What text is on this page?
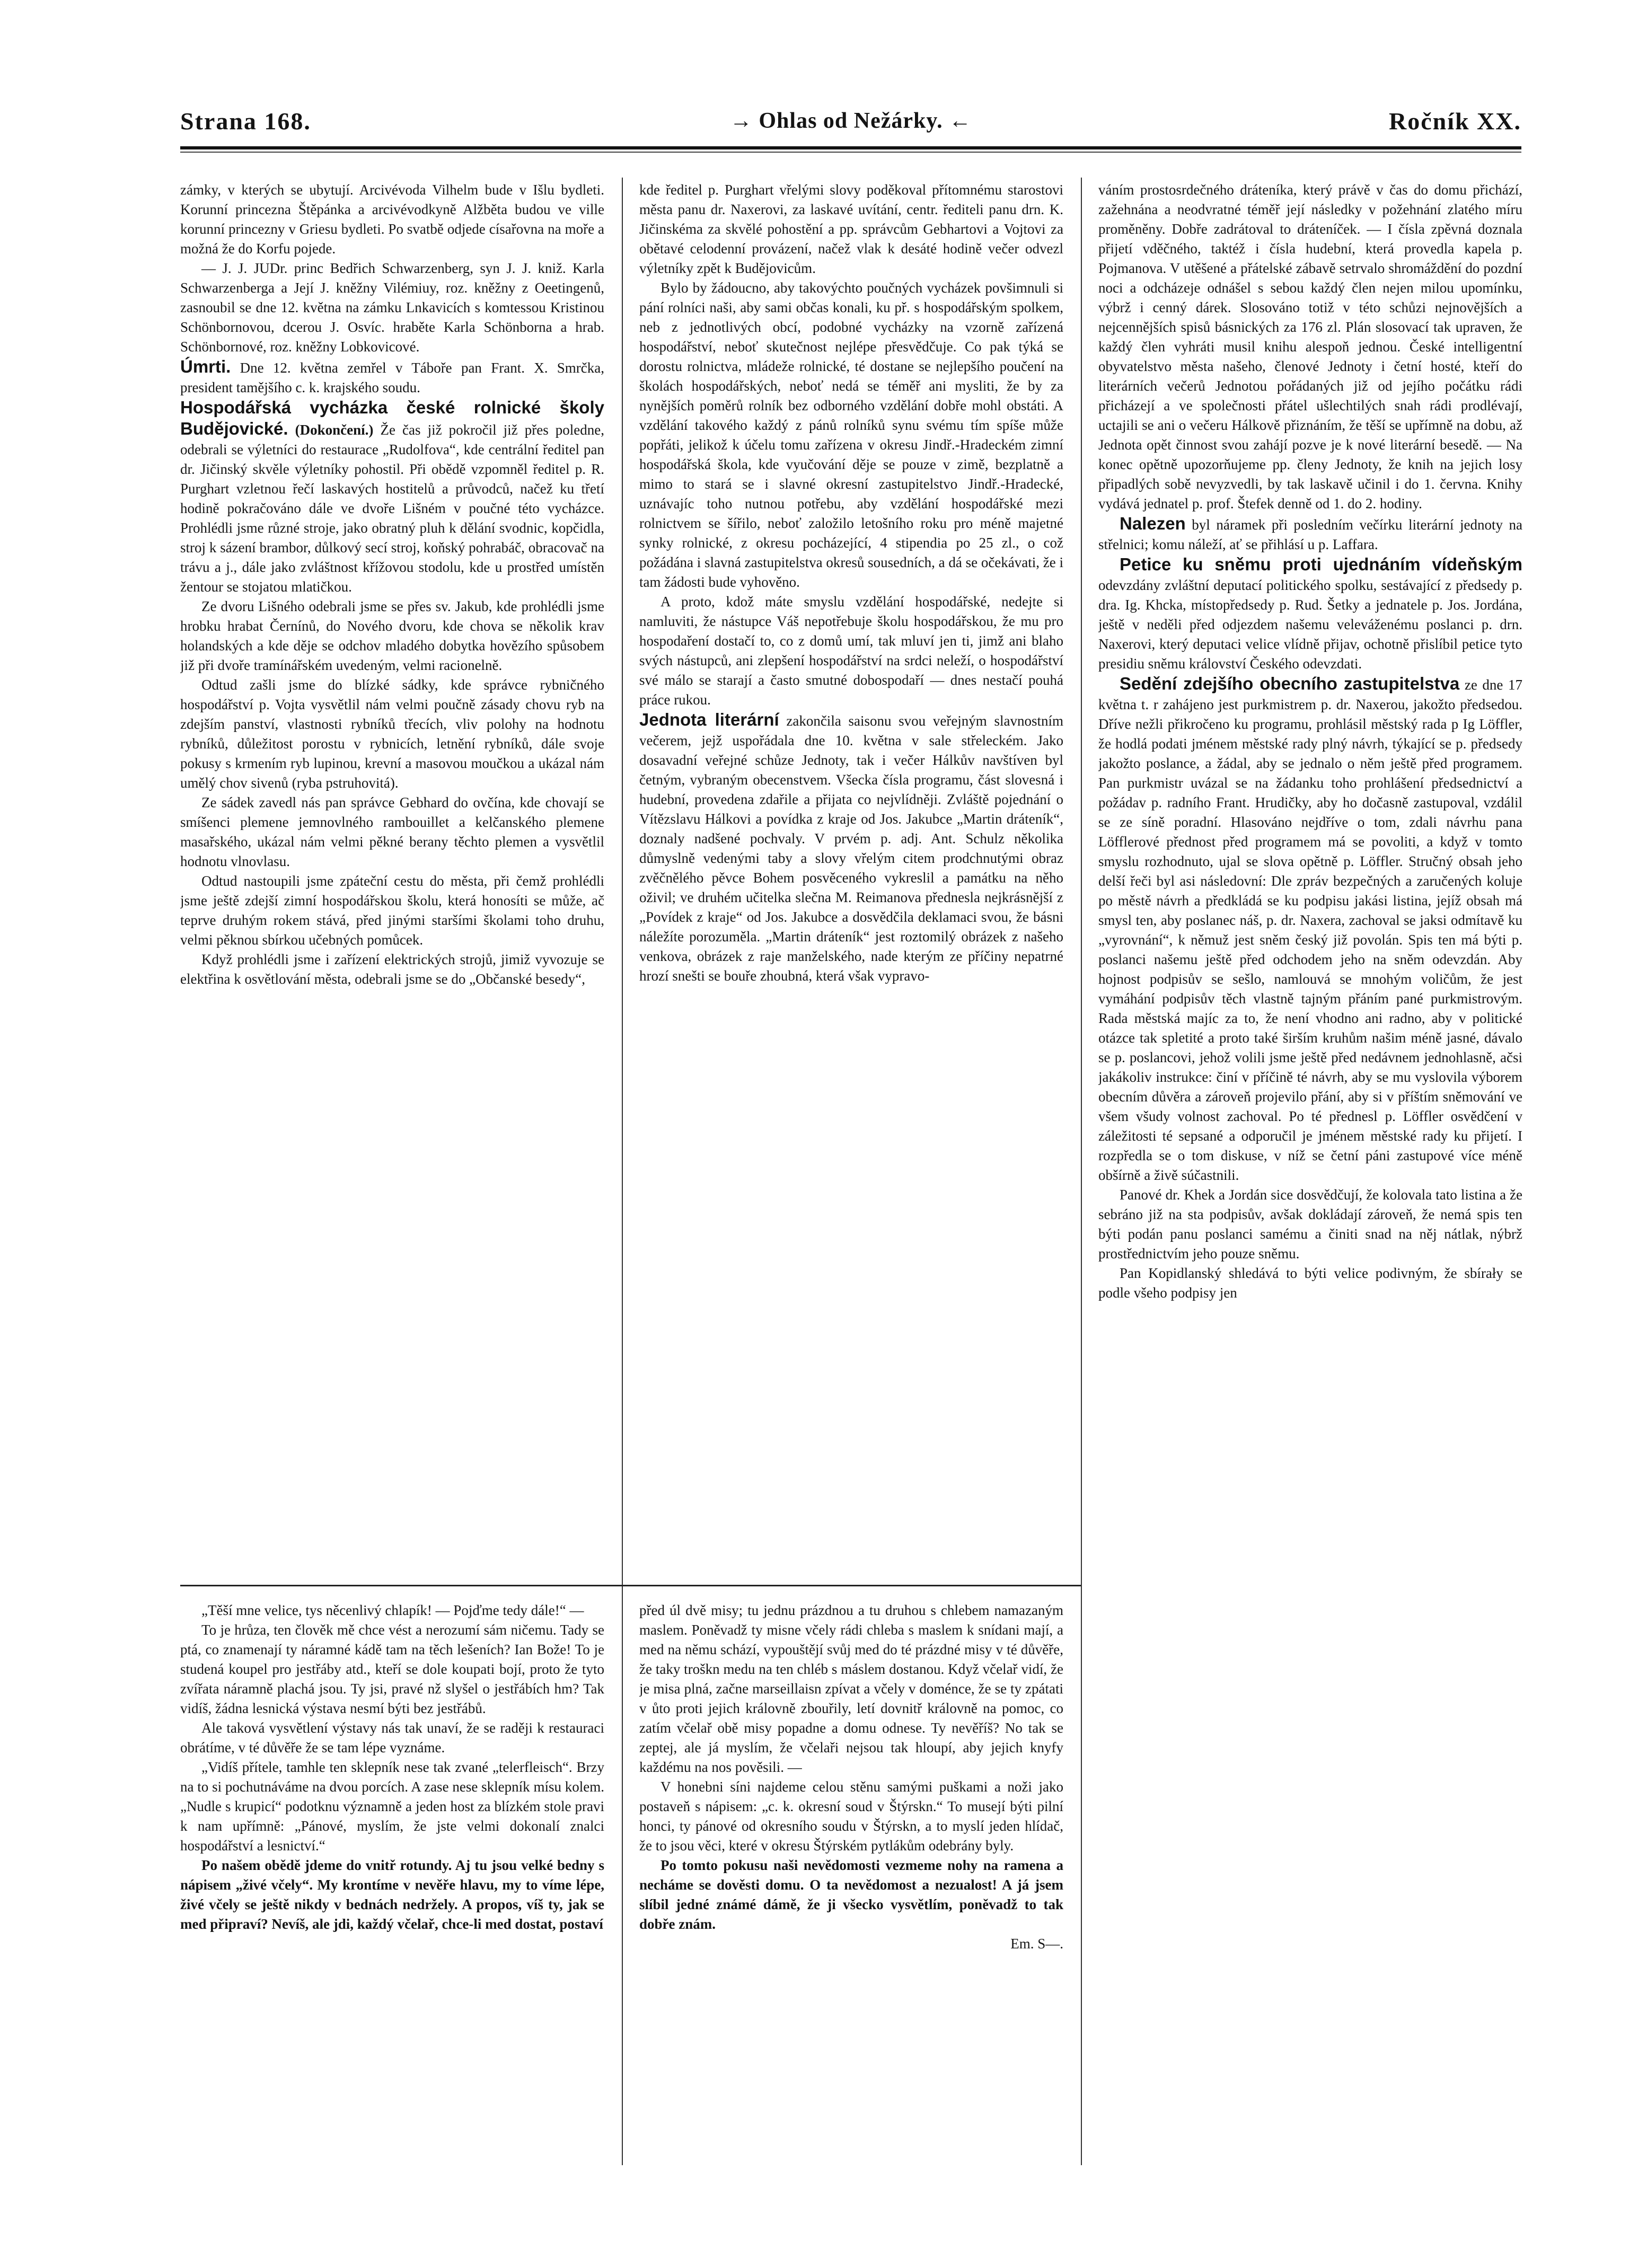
Strana 168.	→ Ohlas od Nežárky. ←	Ročník XX.

zámky, v kterých se ubytují. Arcivévoda Vilhelm bude v Išlu bydleti. Korunní princezna Štěpánka a arcivévodkyně Alžběta budou ve ville korunní princezny v Griesu bydleti. Po svatbě odjede císařovna na moře a možná že do Korfu pojede.

— J. J. JUDr. princ Bedřich Schwarzenberg, syn J. J. kniž. Karla Schwarzenberga a Její J. kněžny Vilémiuy, roz. kněžny z Oeetingenů, zasnoubil se dne 12. května na zámku Lnkavicích s komtessou Kristinou Schönbornovou, dcerou J. Osvíc. hraběte Karla Schönborna a hrab. Schönbornové, roz. kněžny Lobkovicové.

Úmrti. Dne 12. května zemřel v Táboře pan Frant. X. Smrčka, president tamějšího c. k. krajského soudu.

Hospodářská vycházka české rolnické školy Budějovické. (Dokončení.) Že čas již pokročil již přes poledne, odebrali se výletníci do restaurace „Rudolfova“, kde centrální ředitel pan dr. Jičinský skvěle výletníky pohostil. Při obědě vzpomněl ředitel p. R. Purghart vzletnou řečí laskavých hostitelů a průvodců, načež ku třetí hodině pokračováno dále ve dvoře Lišném v poučné této vycházce. Prohlédli jsme různé stroje, jako obratný pluh k dělání svodnic, kopčidla, stroj k sázení brambor, důlkový secí stroj, koňský pohrabáč, obracovač na trávu a j., dále jako zvláštnost křížovou stodolu, kde u prostřed umístěn žentour se stojatou mlatičkou.

Ze dvoru Lišného odebrali jsme se přes sv. Jakub, kde prohlédli jsme hrobku hrabat Černínů, do Nového dvoru, kde chova se několik krav holandských a kde děje se odchov mladého dobytka hovězího spůsobem již při dvoře tramínářském uvedeným, velmi racionelně.

Odtud zašli jsme do blízké sádky, kde správce rybničného hospodářství p. Vojta vysvětlil nám velmi poučně zásady chovu ryb na zdejším panství, vlastnosti rybníků třecích, vliv polohy na hodnotu rybníků, důležitost porostu v rybnicích, letnění rybníků, dále svoje pokusy s krmením ryb lupinou, krevní a masovou moučkou a ukázal nám umělý chov sivenů (ryba pstruhovitá).

Ze sádek zavedl nás pan správce Gebhard do ovčína, kde chovají se smíšenci plemene jemnovlného rambouillet a kelčanského plemene masařského, ukázal nám velmi pěkné berany těchto plemen a vysvětlil hodnotu vlnovlasu.

Odtud nastoupili jsme zpáteční cestu do města, při čemž prohlédli jsme ještě zdejší zimní hospodářskou školu, která honosíti se může, ač teprve druhým rokem stává, před jinými staršími školami toho druhu, velmi pěknou sbírkou učebných pomůcek.

Když prohlédli jsme i zařízení elektrických strojů, jimiž vyvozuje se elektřina k osvětlování města, odebrali jsme se do „Občanské besedy“,

kde ředitel p. Purghart vřelými slovy poděkoval přítomnému starostovi města panu dr. Naxerovi, za laskavé uvítání, centr. řediteli panu drn. K. Jičinskéma za skvělé pohostění a pp. správcům Gebhartovi a Vojtovi za obětavé celodenní provázení, načež vlak k desáté hodině večer odvezl výletníky zpět k Budějovicům.

Bylo by žádoucno, aby takovýchto poučných vycházek povšimnuli si pání rolníci naši, aby sami občas konali, ku př. s hospodářským spolkem, neb z jednotlivých obcí, podobné vycházky na vzorně zařízená hospodářství, neboť skutečnost nejlépe přesvědčuje. Co pak týká se dorostu rolnictva, mládeže rolnické, té dostane se nejlepšího poučení na školách hospodářských, neboť nedá se téměř ani mysliti, že by za nynějších poměrů rolník bez odborného vzdělání dobře mohl obstáti. A vzdělání takového každý z pánů rolníků synu svému tím spíše může popřáti, jelikož k účelu tomu zařízena v okresu Jindř.-Hradeckém zimní hospodářská škola, kde vyučování děje se pouze v zimě, bezplatně a mimo to stará se i slavné okresní zastupitelstvo Jindř.-Hradecké, uznávajíc toho nutnou potřebu, aby vzdělání hospodářské mezi rolnictvem se šířilo, neboť založilo letošního roku pro méně majetné synky rolnické, z okresu pocházející, 4 stipendia po 25 zl., o což požádána i slavná zastupitelstva okresů sousedních, a dá se očekávati, že i tam žádosti bude vyhověno.

A proto, kdož máte smyslu vzdělání hospodářské, nedejte si namluviti, že nástupce Váš nepotřebuje školu hospodářskou, že mu pro hospodaření dostačí to, co z domů umí, tak mluví jen ti, jimž ani blaho svých nástupců, ani zlepšení hospodářství na srdci neleží, o hospodářství své málo se starají a často smutné dobospodaří — dnes nestačí pouhá práce rukou.

Jednota literární zakončila saisonu svou veřejným slavnostním večerem, jejž uspořádala dne 10. května v sale střeleckém. Jako dosavadní veřejné schůze Jednoty, tak i večer Hálkův navštíven byl četným, vybraným obecenstvem. Všecka čísla programu, část slovesná i hudební, provedena zdařile a přijata co nejvlídněji. Zvláště pojednání o Vítězslavu Hálkovi a povídka z kraje od Jos. Jakubce „Martin dráteník“, doznaly nadšené pochvaly. V prvém p. adj. Ant. Schulz několika důmyslně vedenými taby a slovy vřelým citem prodchnutými obraz zvěčnělého pěvce Bohem posvěceného vykreslil a památku na něho oživil; ve druhém učitelka slečna M. Reimanova přednesla nejkrásnější z „Povídek z kraje“ od Jos. Jakubce a dosvědčila deklamaci svou, že básni náležíte porozuměla. „Martin dráteník“ jest roztomilý obrázek z našeho venkova, obrázek z raje manželského, nade kterým ze příčiny nepatrné hrozí snešti se bouře zhoubná, která však vypravo-

váním prostosrdečného dráteníka, který právě v čas do domu přichází, zažehnána a neodvratné téměř její následky v požehnání zlatého míru proměněny. Dobře zadrátoval to dráteníček. — I čísla zpěvná doznala přijetí vděčného, taktéž i čísla hudební, která provedla kapela p. Pojmanova. V utěšené a přátelské zábavě setrvalo shromáždění do pozdní noci a odcházeje odnášel s sebou každý člen nejen milou upomínku, výbrž i cenný dárek. Slosováno totiž v této schůzi nejnovějších a nejcennějších spisů básnických za 176 zl. Plán slosovací tak upraven, že každý člen vyhráti musil knihu alespoň jednou. České intelligentní obyvatelstvo města našeho, členové Jednoty i četní hosté, kteří do literárních večerů Jednotou pořádaných již od jejího počátku rádi přicházejí a ve společnosti přátel ušlechtilých snah rádi prodlévají, uctajili se ani o večeru Hálkově přiznáním, že těší se upřímně na dobu, až Jednota opět činnost svou zahájí pozve je k nové literární besedě. — Na konec opětně upozorňujeme pp. členy Jednoty, že knih na jejich losy připadlých sobě nevyzvedli, by tak laskavě učinil i do 1. června. Knihy vydává jednatel p. prof. Štefek denně od 1. do 2. hodiny.

Nalezen byl náramek při posledním večírku literární jednoty na střelnici; komu náleží, ať se přihlásí u p. Laffara.

Petice ku sněmu proti ujednáním vídeňským odevzdány zvláštní deputací politického spolku, sestávající z předsedy p. dra. Ig. Khcka, místopředsedy p. Rud. Šetky a jednatele p. Jos. Jordána, ještě v neděli před odjezdem našemu veleváženému poslanci p. drn. Naxerovi, který deputaci velice vlídně přijav, ochotně přislíbil petice tyto presidiu sněmu království Českého odevzdati.

Sedění zdejšího obecního zastupitelstva ze dne 17 května t. r zahájeno jest purkmistrem p. dr. Naxerou, jakožto předsedou. Dříve nežli přikročeno ku programu, prohlásil městský rada p Ig Löffler, že hodlá podati jménem městské rady plný návrh, týkající se p. předsedy jakožto poslance, a žádal, aby se jednalo o něm ještě před programem. Pan purkmistr uvázal se na žádanku toho prohlášení předsednictví a požádav p. radního Frant. Hrudičky, aby ho dočasně zastupoval, vzdálil se ze síně poradní. Hlasováno nejdříve o tom, zdali návrhu pana Löfflerové přednost před programem má se povoliti, a když v tomto smyslu rozhodnuto, ujal se slova opětně p. Löffler. Stručný obsah jeho delší řeči byl asi následovní: Dle zpráv bezpečných a zaručených koluje po městě návrh a předkládá se ku podpisu jakási listina, jejíž obsah má smysl ten, aby poslanec náš, p. dr. Naxera, zachoval se jaksi odmítavě ku „vyrovnání“, k němuž jest sněm český již povolán. Spis ten má býti p. poslanci našemu ještě před odchodem jeho na sněm odevzdán. Aby hojnost podpisův se sešlo, namlouvá se mnohým voličům, že jest vymáhání podpisův těch vlastně tajným přáním pané purkmistrovým. Rada městská majíc za to, že není vhodno ani radno, aby v politické otázce tak spletité a proto také širším kruhům našim méně jasné, dávalo se p. poslancovi, jehož volili jsme ještě před nedávnem jednohlasně, ačsi jakákoliv instrukce: činí v příčině té návrh, aby se mu vyslovila výborem obecním důvěra a zároveň projevilo přání, aby si v příštím sněmování ve všem všudy volnost zachoval. Po té přednesl p. Löffler osvědčení v záležitosti té sepsané a odporučil je jménem městské rady ku přijetí. I rozpředla se o tom diskuse, v níž se četní páni zastupové více méně obšírně a živě súčastnili.

Panové dr. Khek a Jordán sice dosvědčují, že kolovala tato listina a že sebráno již na sta podpisův, avšak dokládají zároveň, že nemá spis ten býti podán panu poslanci samému a činiti snad na něj nátlak, nýbrž prostřednictvím jeho pouze sněmu.

Pan Kopidlanský shledává to býti velice podivným, že sbírały se podle všeho podpisy jen

„Těší mne velice, tys něcenlivý chlapík! — Pojďme tedy dále!“ —

To je hrůza, ten člověk mě chce vést a nerozumí sám ničemu. Tady se ptá, co znamenají ty náramné kádě tam na těch lešeních? Ian Bože! To je studená koupel pro jestřáby atd., kteří se dole koupati bojí, proto že tyto zvířata náramně plachá jsou. Ty jsi, pravé nž slyšel o jestřábích hm? Tak vidíš, žádna lesnická výstava nesmí býti bez jestřábů.

Ale taková vysvětlení výstavy nás tak unaví, že se raději k restauraci obrátíme, v té důvěře že se tam lépe vyznáme.

„Vidíš přítele, tamhle ten sklepník nese tak zvané „telerfleisch“. Brzy na to si pochutnáváme na dvou porcích. A zase nese sklepník mísu kolem. „Nudle s krupicí“ podotknu významně a jeden host za blízkém stole pravi k nam upřímně: „Pánové, myslím, že jste velmi dokonalí znalci hospodářství a lesnictví.“

Po našem obědě jdeme do vnitř rotundy. Aj tu jsou velké bedny s nápisem „živé včely“. My krontíme v nevěře hlavu, my to víme lépe, živé včely se ještě nikdy v bednách nedržely. A propos, víš ty, jak se med připraví? Nevíš, ale jdi, každý včelař, chce-li med dostat, postaví

před úl dvě misy; tu jednu prázdnou a tu druhou s chlebem namazaným maslem. Poněvadž ty misne včely rádi chleba s maslem k snídani mají, a med na němu schází, vypouštějí svůj med do té prázdné misy v té důvěře, že taky troškn medu na ten chléb s máslem dostanou. Když včelař vidí, že je misa plná, začne marseillaisn zpívat a včely v doméncе, že se ty zpátati v ůto proti jejich královně zbouřily, letí dovnitř královně na pomoc, co zatím včelař obě misy popadne a domu odnese. Ty nevěříš? No tak se zeptej, ale já myslím, že včelaři nejsou tak hloupí, aby jejich knyfy každému na nos pověsili. —

V honebni síni najdeme celou stěnu samými puškami a noži jako postaveň s nápisem: „c. k. okresní soud v Štýrskn.“ To musejí býti pilní honci, ty pánové od okresního soudu v Štýrskn, a to myslí jeden hlídač, že to jsou věci, které v okresu Štýrském pytlákům odebrány byly.

Po tomto pokusu naši nevědomosti vezmeme nohy na ramena a necháme se dověsti domu. O ta nevědomost a nezualost! A já jsem slíbil jedné známé dámě, že ji všecko vysvětlím, poněvadž to tak dobře znám.

Em. S—.
